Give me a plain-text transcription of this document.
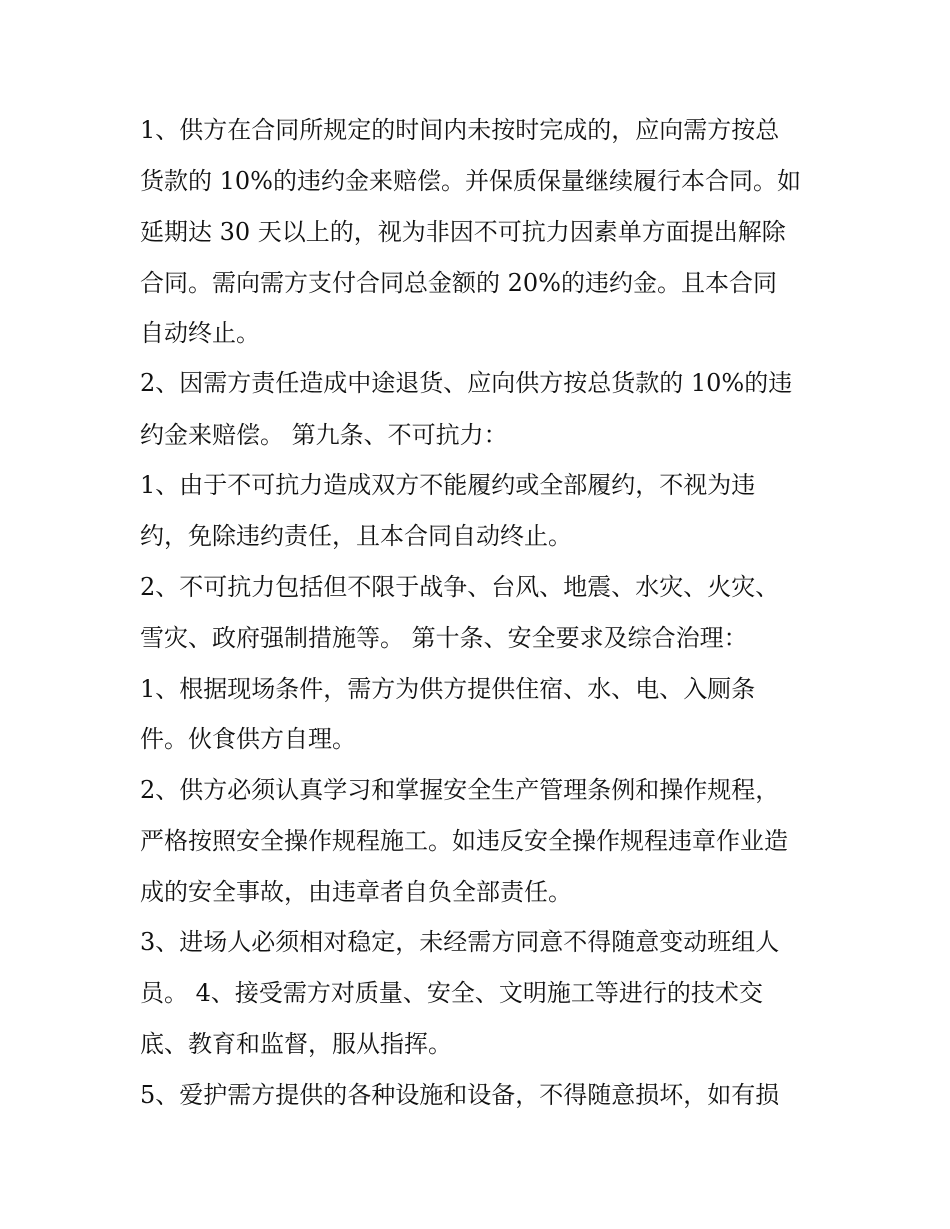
1、供方在合同所规定的时间内未按时完成的，应向需方按总
货款的 10%的违约金来赔偿。并保质保量继续履行本合同。如
延期达 30 天以上的，视为非因不可抗力因素单方面提出解除
合同。需向需方支付合同总金额的 20%的违约金。且本合同
自动终止。
2、因需方责任造成中途退货、应向供方按总货款的 10%的违
约金来赔偿。 第九条、不可抗力：
1、由于不可抗力造成双方不能履约或全部履约，不视为违
约，免除违约责任，且本合同自动终止。
2、不可抗力包括但不限于战争、台风、地震、水灾、火灾、
雪灾、政府强制措施等。 第十条、安全要求及综合治理：
1、根据现场条件，需方为供方提供住宿、水、电、入厕条
件。伙食供方自理。
2、供方必须认真学习和掌握安全生产管理条例和操作规程，
严格按照安全操作规程施工。如违反安全操作规程违章作业造
成的安全事故，由违章者自负全部责任。
3、进场人必须相对稳定，未经需方同意不得随意变动班组人
员。 4、接受需方对质量、安全、文明施工等进行的技术交
底、教育和监督，服从指挥。
5、爱护需方提供的各种设施和设备，不得随意损坏，如有损
